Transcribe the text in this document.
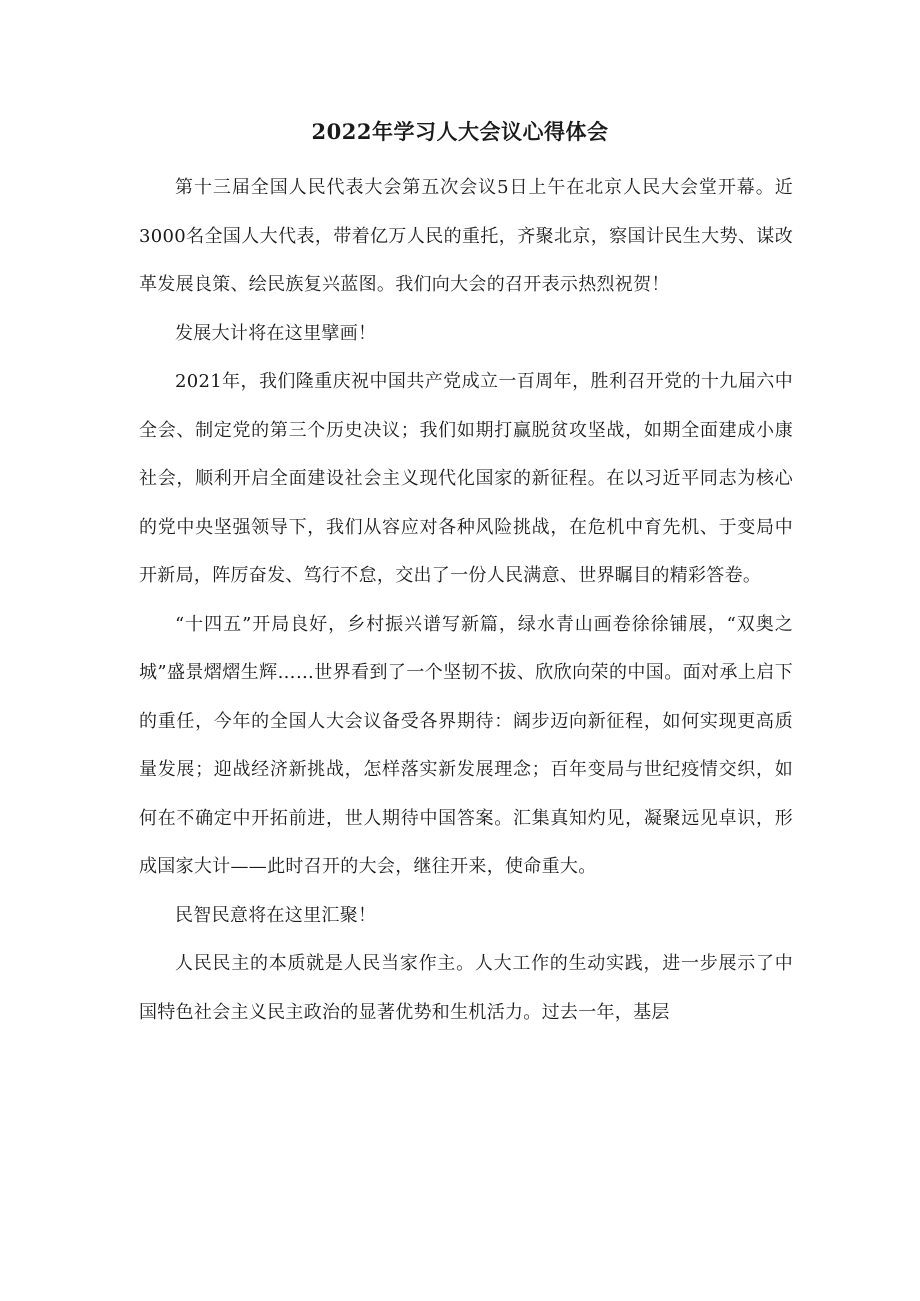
2022年学习人大会议心得体会

第十三届全国人民代表大会第五次会议5日上午在北京人民大会堂开幕。近3000名全国人大代表，带着亿万人民的重托，齐聚北京，察国计民生大势、谋改革发展良策、绘民族复兴蓝图。我们向大会的召开表示热烈祝贺！

发展大计将在这里擘画！

2021年，我们隆重庆祝中国共产党成立一百周年，胜利召开党的十九届六中全会、制定党的第三个历史决议；我们如期打赢脱贫攻坚战，如期全面建成小康社会，顺利开启全面建设社会主义现代化国家的新征程。在以习近平同志为核心的党中央坚强领导下，我们从容应对各种风险挑战，在危机中育先机、于变局中开新局，阵厉奋发、笃行不怠，交出了一份人民满意、世界瞩目的精彩答卷。

“十四五”开局良好，乡村振兴谱写新篇，绿水青山画卷徐徐铺展，“双奥之城”盛景熠熠生辉……世界看到了一个坚韧不拔、欣欣向荣的中国。面对承上启下的重任，今年的全国人大会议备受各界期待：阔步迈向新征程，如何实现更高质量发展；迎战经济新挑战，怎样落实新发展理念；百年变局与世纪疫情交织，如何在不确定中开拓前进，世人期待中国答案。汇集真知灼见，凝聚远见卓识，形成国家大计——此时召开的大会，继往开来，使命重大。

民智民意将在这里汇聚！

人民民主的本质就是人民当家作主。人大工作的生动实践，进一步展示了中国特色社会主义民主政治的显著优势和生机活力。过去一年，基层
